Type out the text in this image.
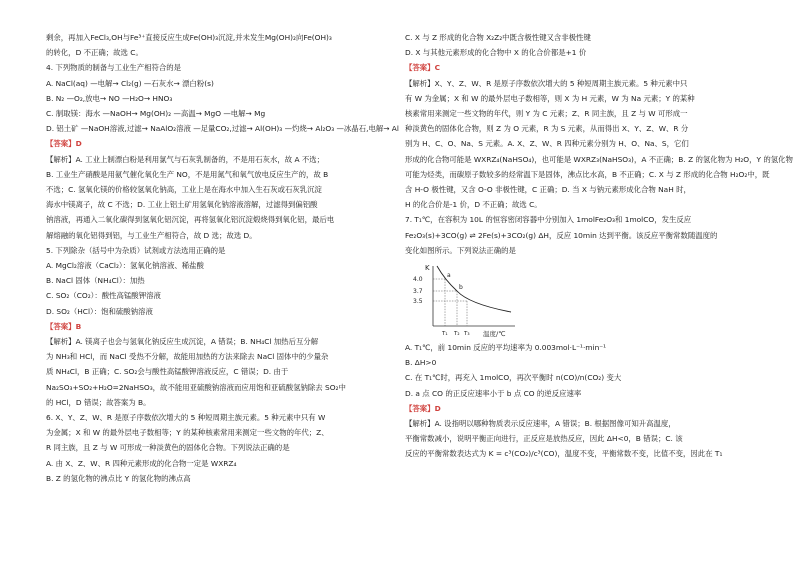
剩余，再加入FeCl₃,OH与Fe³⁺直接反应生成Fe(OH)₃沉淀,并未发生Mg(OH)₂向Fe(OH)₃
的转化，D 不正确；故选 C。
4. 下列物质的制备与工业生产相符合的是
A. NaCl(aq) —电解→ Cl₂(g) —石灰水→ 漂白粉(s)
B. N₂ —O₂,放电→ NO —H₂O→ HNO₃
C. 制取镁：海水 —NaOH→ Mg(OH)₂ —高温→ MgO —电解→ Mg
D. 铝土矿 —NaOH溶液,过滤→ NaAlO₂溶液 —足量CO₂,过滤→ Al(OH)₃ —灼烧→ Al₂O₃ —冰晶石,电解→ Al
【答案】D
【解析】A. 工业上制漂白粉是利用氯气与石灰乳制备的，不是用石灰水，故 A 不选；
B. 工业生产硝酸是用氨气催化氧化生产 NO，不是用氮气和氧气放电反应生产的，故 B
不选；C. 氢氧化镁的价格较氢氧化钠高，工业上是在海水中加入生石灰或石灰乳沉淀
海水中镁离子，故 C 不选；D. 工业上铝土矿用氢氧化钠溶液溶解，过滤得到偏铝酸
钠溶液，再通入二氧化碳得到氢氧化铝沉淀，再将氢氧化铝沉淀煅烧得到氧化铝，最后电
解熔融的氧化铝得到铝，与工业生产相符合，故 D 选；故选 D。
5. 下列除杂（括号中为杂质）试剂或方法选用正确的是
A. MgCl₂溶液（CaCl₂）：氢氧化钠溶液、稀盐酸
B. NaCl 固体（NH₄Cl）：加热
C. SO₂（CO₂）：酸性高锰酸钾溶液
D. SO₂（HCl）：饱和硫酸钠溶液
【答案】B
【解析】A. 镁离子也会与氢氧化钠反应生成沉淀，A 错误；B. NH₄Cl 加热后互分解
为 NH₃和 HCl，而 NaCl 受热不分解，故能用加热的方法来除去 NaCl 固体中的少量杂
质 NH₄Cl，B 正确；C. SO₂会与酸性高锰酸钾溶液反应，C 错误；D. 由于
Na₂SO₃+SO₂+H₂O=2NaHSO₃，故不能用亚硫酸钠溶液而应用饱和亚硫酸氢钠除去 SO₂中
的 HCl，D 错误；故答案为 B。
6. X、Y、Z、W、R 是原子序数依次增大的 5 种短周期主族元素。5 种元素中只有 W
为金属；X 和 W 的最外层电子数相等；Y 的某种核素常用来测定一些文物的年代；Z、
R 同主族，且 Z 与 W 可形成一种淡黄色的固体化合物。下列说法正确的是
A. 由 X、Z、W、R 四种元素形成的化合物一定是 WXRZ₄
B. Z 的氢化物的沸点比 Y 的氢化物的沸点高
C. X 与 Z 形成的化合物 X₂Z₂中既含极性键又含非极性键
D. X 与其他元素形成的化合物中 X 的化合价都是+1 价
【答案】C
【解析】X、Y、Z、W、R 是原子序数依次增大的 5 种短周期主族元素。5 种元素中只
有 W 为金属；X 和 W 的最外层电子数相等，则 X 为 H 元素，W 为 Na 元素；Y 的某种
核素常用来测定一些文物的年代，则 Y 为 C 元素；Z、R 同主族，且 Z 与 W 可形成一
种淡黄色的固体化合物，则 Z 为 O 元素，R 为 S 元素，从而得出 X、Y、Z、W、R 分
别为 H、C、O、Na、S 元素。A. X、Z、W、R 四种元素分别为 H、O、Na、S，它们
形成的化合物可能是 WXRZ₄(NaHSO₄)，也可能是 WXRZ₃(NaHSO₃)，A 不正确；B. Z 的氢化物为 H₂O，Y 的氢化物
可能为烃类，而碳原子数较多的烃常温下是固体，沸点比水高，B 不正确；C. X 与 Z 形成的化合物 H₂O₂中，既
含 H-O 极性键，又含 O-O 非极性键，C 正确；D. 当 X 与钠元素形成化合物 NaH 时，
H 的化合价是-1 价，D 不正确；故选 C。
7. T₁℃，在容积为 10L 的恒容密闭容器中分别加入 1molFe₂O₃和 1molCO，发生反应
Fe₂O₃(s)+3CO(g) ⇌ 2Fe(s)+3CO₂(g) ΔH，反应 10min 达到平衡。该反应平衡常数随温度的
变化如图所示。下列说法正确的是
K
4.0
3.7
3.5
a
b
T₁ T₂ T₃ 温度/℃
A. T₁℃，前 10min 反应的平均速率为 0.003mol·L⁻¹·min⁻¹
B. ΔH>0
C. 在 T₁℃时，再充入 1molCO，再次平衡时 n(CO)/n(CO₂) 变大
D. a 点 CO 的正反应速率小于 b 点 CO 的逆反应速率
【答案】D
【解析】A. 设指明以哪种物质表示反应速率，A 错误；B. 根据图像可知升高温度，
平衡常数减小，说明平衡正向进行，正反应是放热反应，因此 ΔH<0，B 错误；C. 该
反应的平衡常数表达式为 K = c³(CO₂)/c³(CO)，温度不变，平衡常数不变，比值不变，因此在 T₁
